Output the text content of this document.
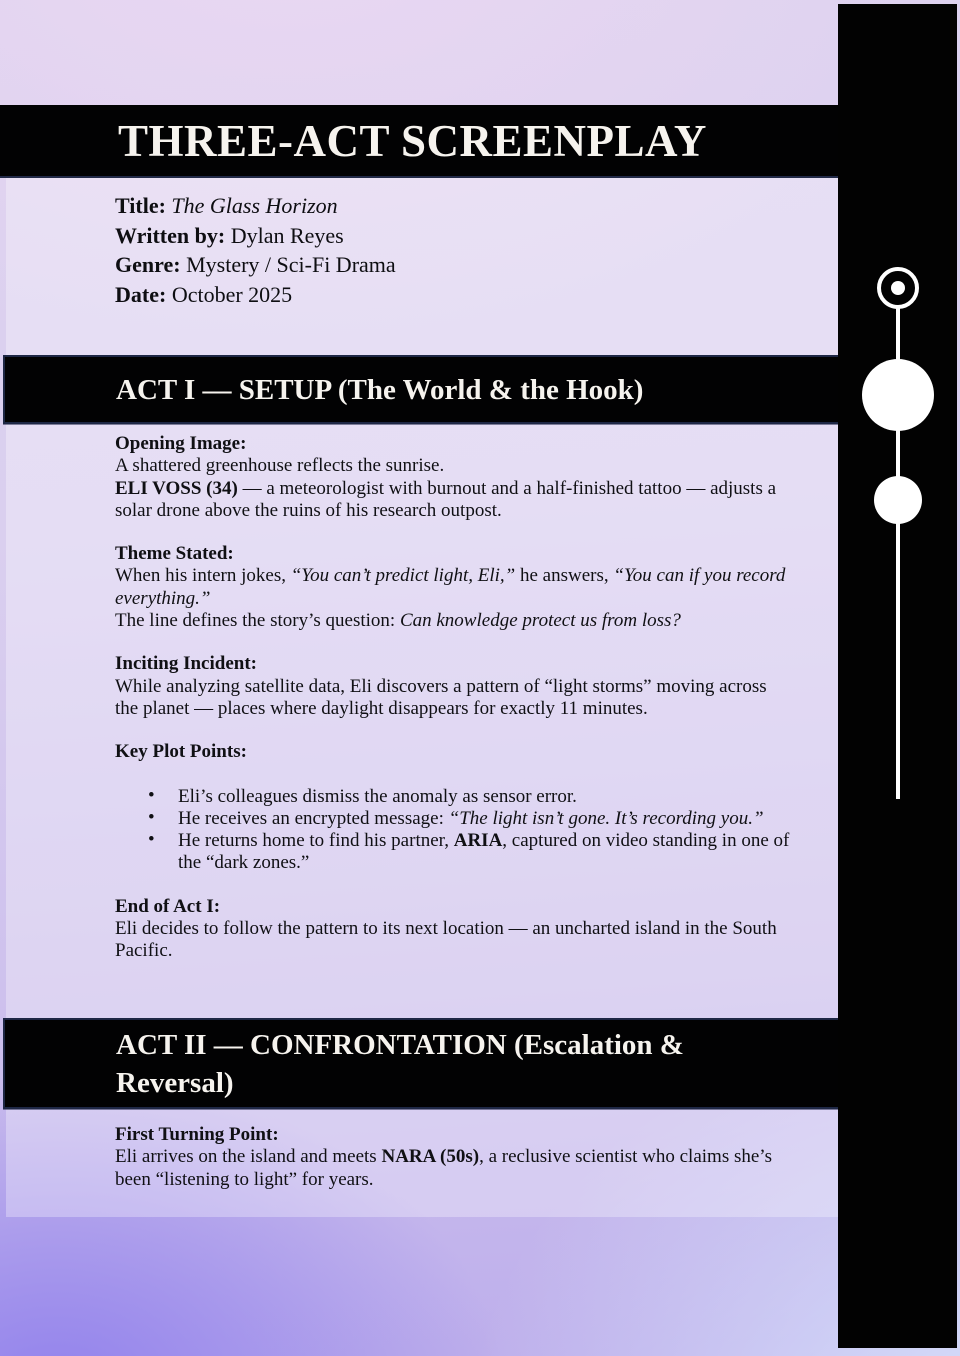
THREE-ACT SCREENPLAY
Title: The Glass Horizon
Written by: Dylan Reyes
Genre: Mystery / Sci-Fi Drama
Date: October 2025
ACT I — SETUP (The World & the Hook)
Opening Image:

A shattered greenhouse reflects the sunrise.

ELI VOSS (34) — a meteorologist with burnout and a half-finished tattoo — adjusts a
solar drone above the ruins of his research outpost.

Theme Stated:

When his intern jokes, “You can’t predict light, Eli,” he answers, “You can if you record
everything.”

The line defines the story’s question: Can knowledge protect us from loss?

Inciting Incident:

While analyzing satellite data, Eli discovers a pattern of “light storms” moving across
the planet — places where daylight disappears for exactly 11 minutes.

Key Plot Points:
• Eli’s colleagues dismiss the anomaly as sensor error.
• He receives an encrypted message: “The light isn’t gone. It’s recording you.”
• He returns home to find his partner, ARIA, captured on video standing in one of
the “dark zones.”
End of Act I:

Eli decides to follow the pattern to its next location — an uncharted island in the South
Pacific.

ACT II — CONFRONTATION (Escalation &
Reversal)
First Turning Point:

Eli arrives on the island and meets NARA (50s), a reclusive scientist who claims she’s
been “listening to light” for years.
